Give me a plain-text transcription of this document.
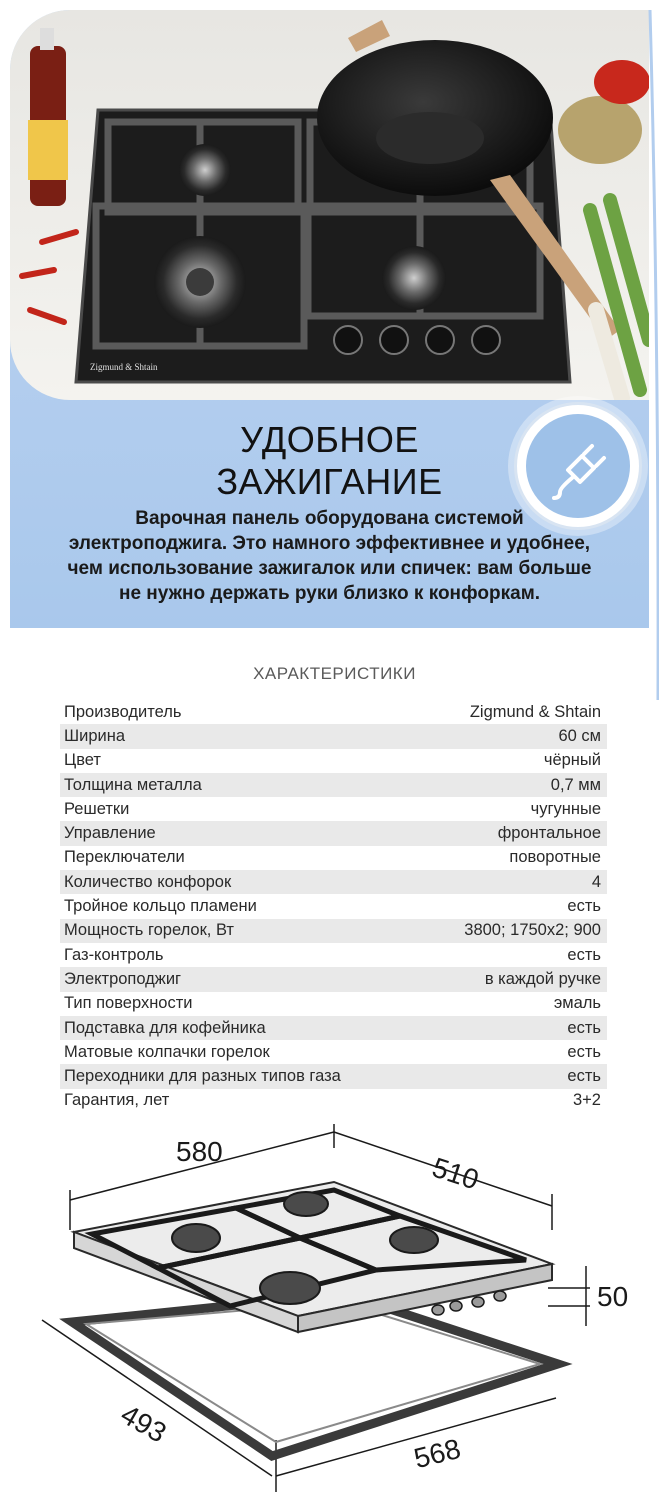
Zigmund & Shtain
УДОБНОЕ
ЗАЖИГАНИЕ
Варочная панель оборудована системой
электроподжига. Это намного эффективнее и удобнее,
чем использование зажигалок или спичек: вам больше
не нужно держать руки близко к конфоркам.
ХАРАКТЕРИСТИКИ
Производитель	Zigmund & Shtain
Ширина	60 см
Цвет	чёрный
Толщина металла	0,7 мм
Решетки	чугунные
Управление	фронтальное
Переключатели	поворотные
Количество конфорок	4
Тройное кольцо пламени	есть
Мощность горелок, Вт	3800; 1750x2; 900
Газ-контроль	есть
Электроподжиг	в каждой ручке
Тип поверхности	эмаль
Подставка для кофейника	есть
Матовые колпачки горелок	есть
Переходники для разных типов газа	есть
Гарантия, лет	3+2
580
510
50
493
568
